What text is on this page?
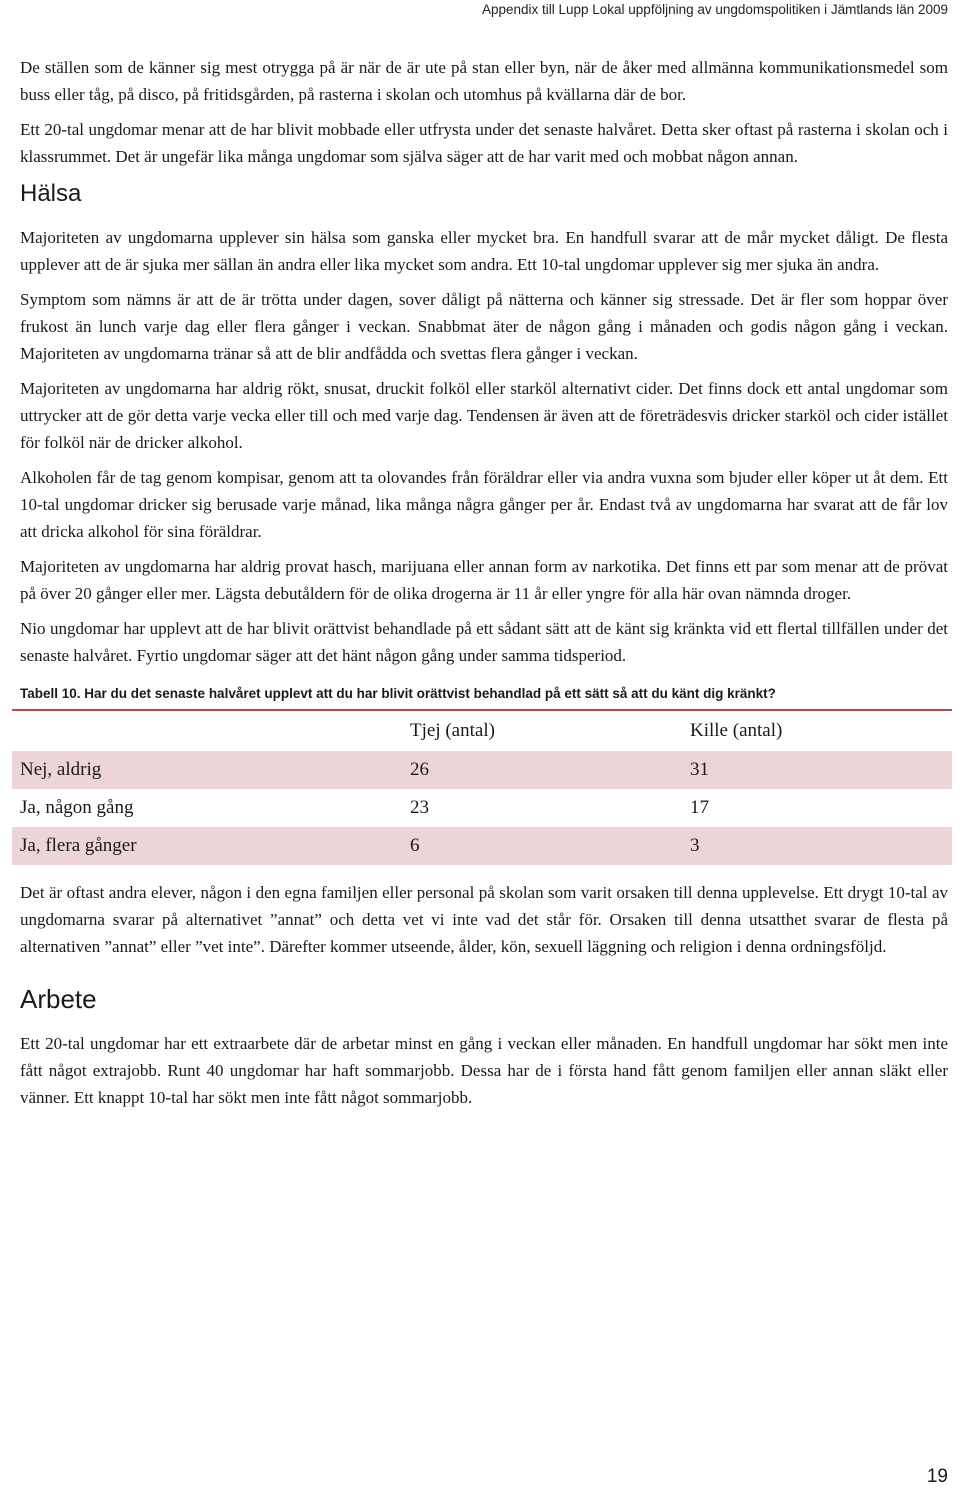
Appendix till Lupp Lokal uppföljning av ungdomspolitiken i Jämtlands län 2009

De ställen som de känner sig mest otrygga på är när de är ute på stan eller byn, när de åker med allmänna kommunikationsmedel som buss eller tåg, på disco, på fritidsgården, på rasterna i skolan och utomhus på kvällarna där de bor.

Ett 20-tal ungdomar menar att de har blivit mobbade eller utfrysta under det senaste halvåret. Detta sker oftast på rasterna i skolan och i klassrummet. Det är ungefär lika många ungdomar som själva säger att de har varit med och mobbat någon annan.

Hälsa

Majoriteten av ungdomarna upplever sin hälsa som ganska eller mycket bra. En handfull svarar att de mår mycket dåligt. De flesta upplever att de är sjuka mer sällan än andra eller lika mycket som andra. Ett 10-tal ungdomar upplever sig mer sjuka än andra.

Symptom som nämns är att de är trötta under dagen, sover dåligt på nätterna och känner sig stressade. Det är fler som hoppar över frukost än lunch varje dag eller flera gånger i veckan. Snabbmat äter de någon gång i månaden och godis någon gång i veckan. Majoriteten av ungdomarna tränar så att de blir andfådda och svettas flera gånger i veckan.

Majoriteten av ungdomarna har aldrig rökt, snusat, druckit folköl eller starköl alternativt cider. Det finns dock ett antal ungdomar som uttrycker att de gör detta varje vecka eller till och med varje dag. Tendensen är även att de företrädesvis dricker starköl och cider istället för folköl när de dricker alkohol.

Alkoholen får de tag genom kompisar, genom att ta olovandes från föräldrar eller via andra vuxna som bjuder eller köper ut åt dem. Ett 10-tal ungdomar dricker sig berusade varje månad, lika många några gånger per år. Endast två av ungdomarna har svarat att de får lov att dricka alkohol för sina föräldrar.

Majoriteten av ungdomarna har aldrig provat hasch, marijuana eller annan form av narkotika. Det finns ett par som menar att de prövat på över 20 gånger eller mer. Lägsta debutåldern för de olika drogerna är 11 år eller yngre för alla här ovan nämnda droger.

Nio ungdomar har upplevt att de har blivit orättvist behandlade på ett sådant sätt att de känt sig kränkta vid ett flertal tillfällen under det senaste halvåret. Fyrtio ungdomar säger att det hänt någon gång under samma tidsperiod.

Tabell 10. Har du det senaste halvåret upplevt att du har blivit orättvist behandlad på ett sätt så att du känt dig kränkt?
	Tjej (antal)	Kille (antal)
Nej, aldrig	26	31
Ja, någon gång	23	17
Ja, flera gånger	6	3

Det är oftast andra elever, någon i den egna familjen eller personal på skolan som varit orsaken till denna upplevelse. Ett drygt 10-tal av ungdomarna svarar på alternativet ”annat” och detta vet vi inte vad det står för. Orsaken till denna utsatthet svarar de flesta på alternativen ”annat” eller ”vet inte”. Därefter kommer utseende, ålder, kön, sexuell läggning och religion i denna ordningsföljd.

Arbete

Ett 20-tal ungdomar har ett extraarbete där de arbetar minst en gång i veckan eller månaden. En handfull ungdomar har sökt men inte fått något extrajobb. Runt 40 ungdomar har haft sommarjobb. Dessa har de i första hand fått genom familjen eller annan släkt eller vänner. Ett knappt 10-tal har sökt men inte fått något sommarjobb.

19
